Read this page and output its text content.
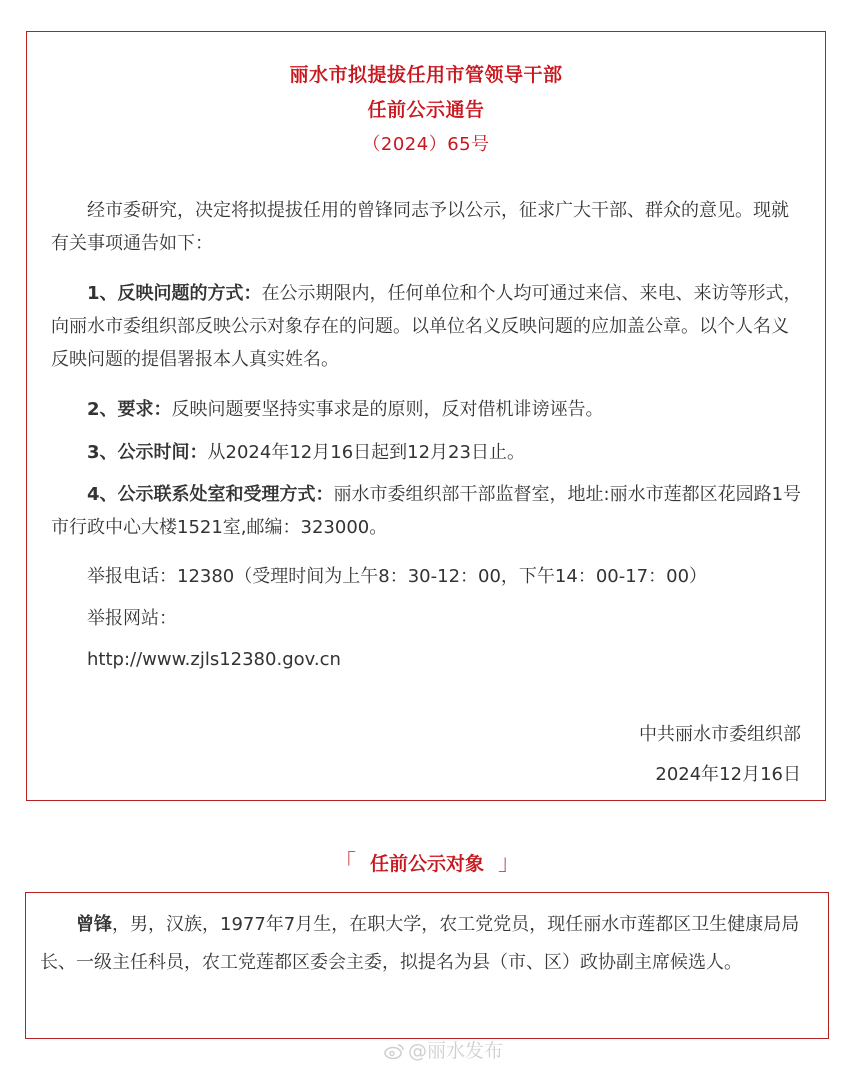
丽水市拟提拔任用市管领导干部
任前公示通告
（2024）65号

经市委研究，决定将拟提拔任用的曾锋同志予以公示，征求广大干部、群众的意见。现就有关事项通告如下：

1、反映问题的方式：在公示期限内，任何单位和个人均可通过来信、来电、来访等形式，向丽水市委组织部反映公示对象存在的问题。以单位名义反映问题的应加盖公章。以个人名义反映问题的提倡署报本人真实姓名。

2、要求：反映问题要坚持实事求是的原则，反对借机诽谤诬告。

3、公示时间：从2024年12月16日起到12月23日止。

4、公示联系处室和受理方式：丽水市委组织部干部监督室，地址:丽水市莲都区花园路1号市行政中心大楼1521室,邮编：323000。

举报电话：12380（受理时间为上午8：30-12：00，下午14：00-17：00）

举报网站：

http://www.zjls12380.gov.cn

中共丽水市委组织部
2024年12月16日
「 任前公示对象 」

曾锋，男，汉族，1977年7月生，在职大学，农工党党员，现任丽水市莲都区卫生健康局局长、一级主任科员，农工党莲都区委会主委，拟提名为县（市、区）政协副主席候选人。

@丽水发布
